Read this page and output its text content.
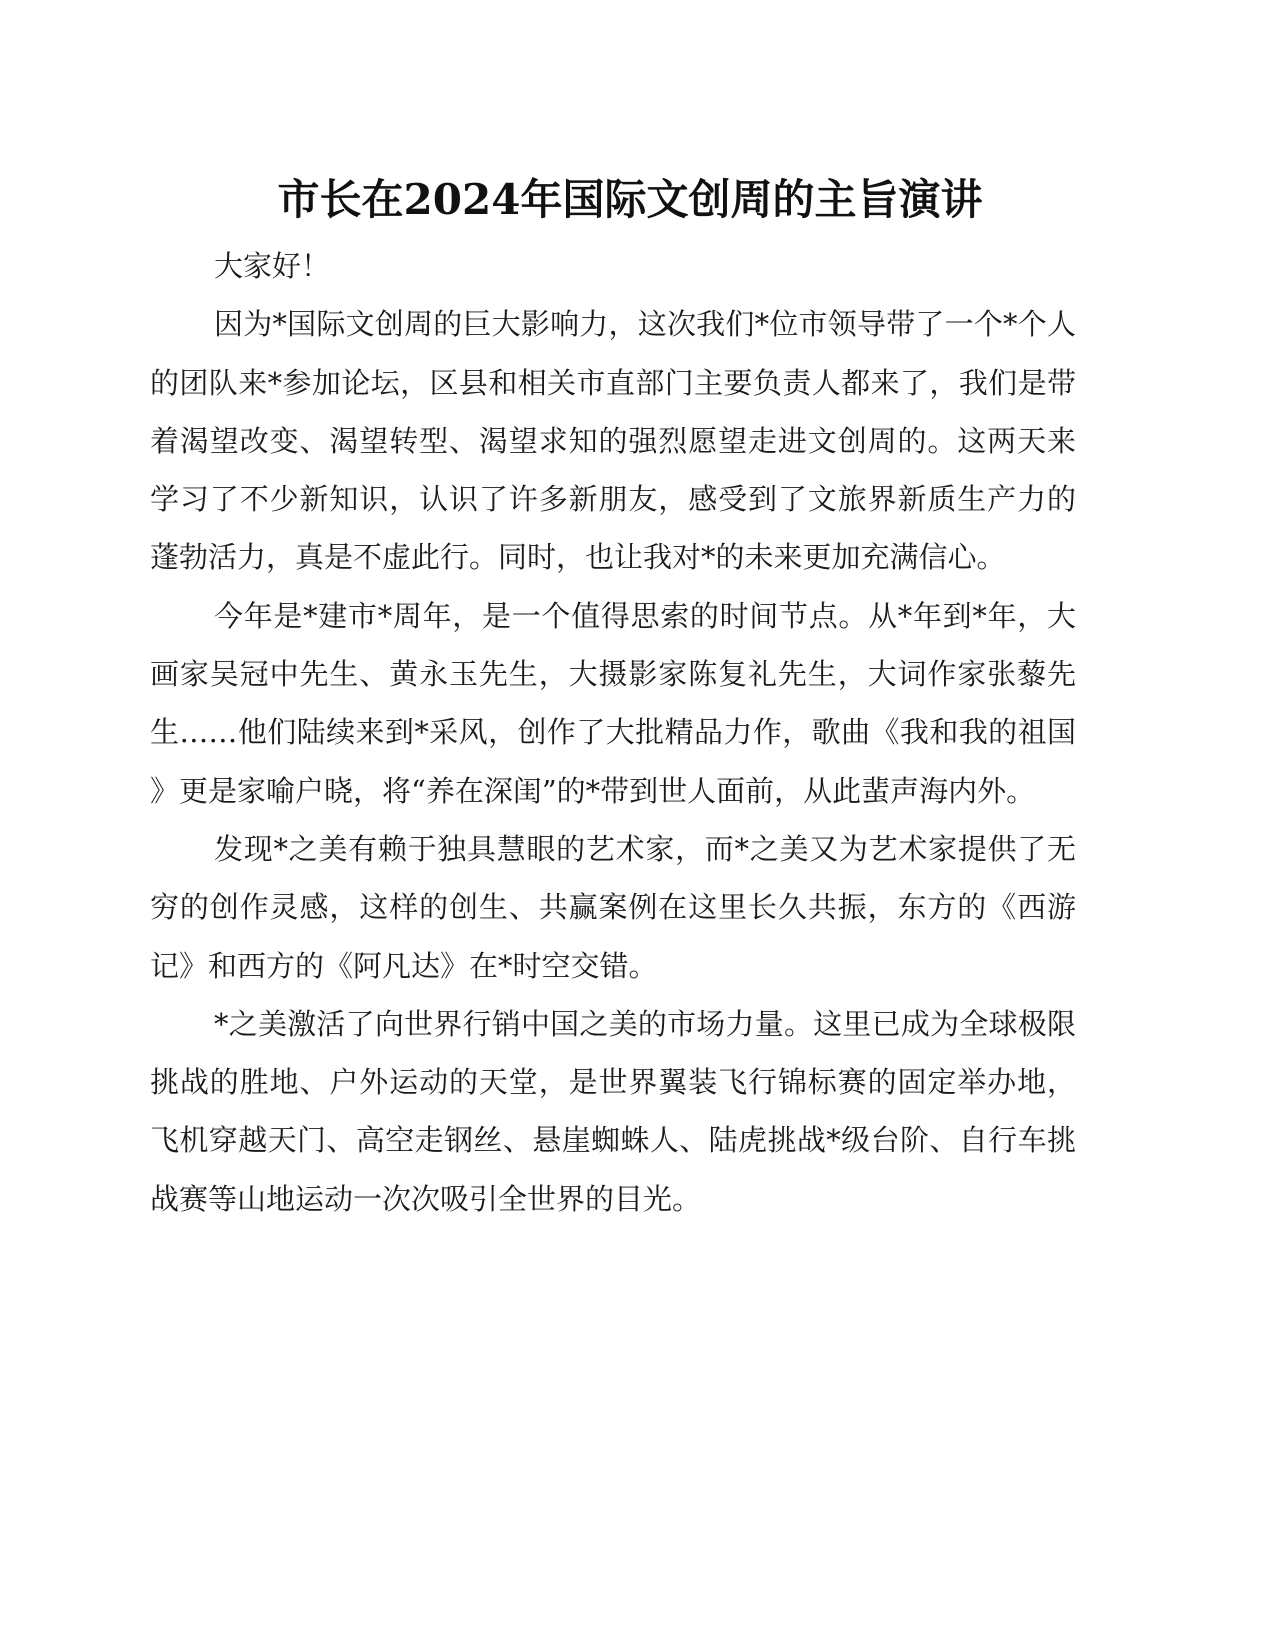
市长在2024年国际文创周的主旨演讲

大家好！

因为*国际文创周的巨大影响力，这次我们*位市领导带了一个*个人的团队来*参加论坛，区县和相关市直部门主要负责人都来了，我们是带着渴望改变、渴望转型、渴望求知的强烈愿望走进文创周的。这两天来学习了不少新知识，认识了许多新朋友，感受到了文旅界新质生产力的蓬勃活力，真是不虚此行。同时，也让我对*的未来更加充满信心。

今年是*建市*周年，是一个值得思索的时间节点。从*年到*年，大画家吴冠中先生、黄永玉先生，大摄影家陈复礼先生，大词作家张藜先生……他们陆续来到*采风，创作了大批精品力作，歌曲《我和我的祖国》更是家喻户晓，将“养在深闺”的*带到世人面前，从此蜚声海内外。

发现*之美有赖于独具慧眼的艺术家，而*之美又为艺术家提供了无穷的创作灵感，这样的创生、共赢案例在这里长久共振，东方的《西游记》和西方的《阿凡达》在*时空交错。

*之美激活了向世界行销中国之美的市场力量。这里已成为全球极限挑战的胜地、户外运动的天堂，是世界翼装飞行锦标赛的固定举办地，飞机穿越天门、高空走钢丝、悬崖蜘蛛人、陆虎挑战*级台阶、自行车挑战赛等山地运动一次次吸引全世界的目光。
